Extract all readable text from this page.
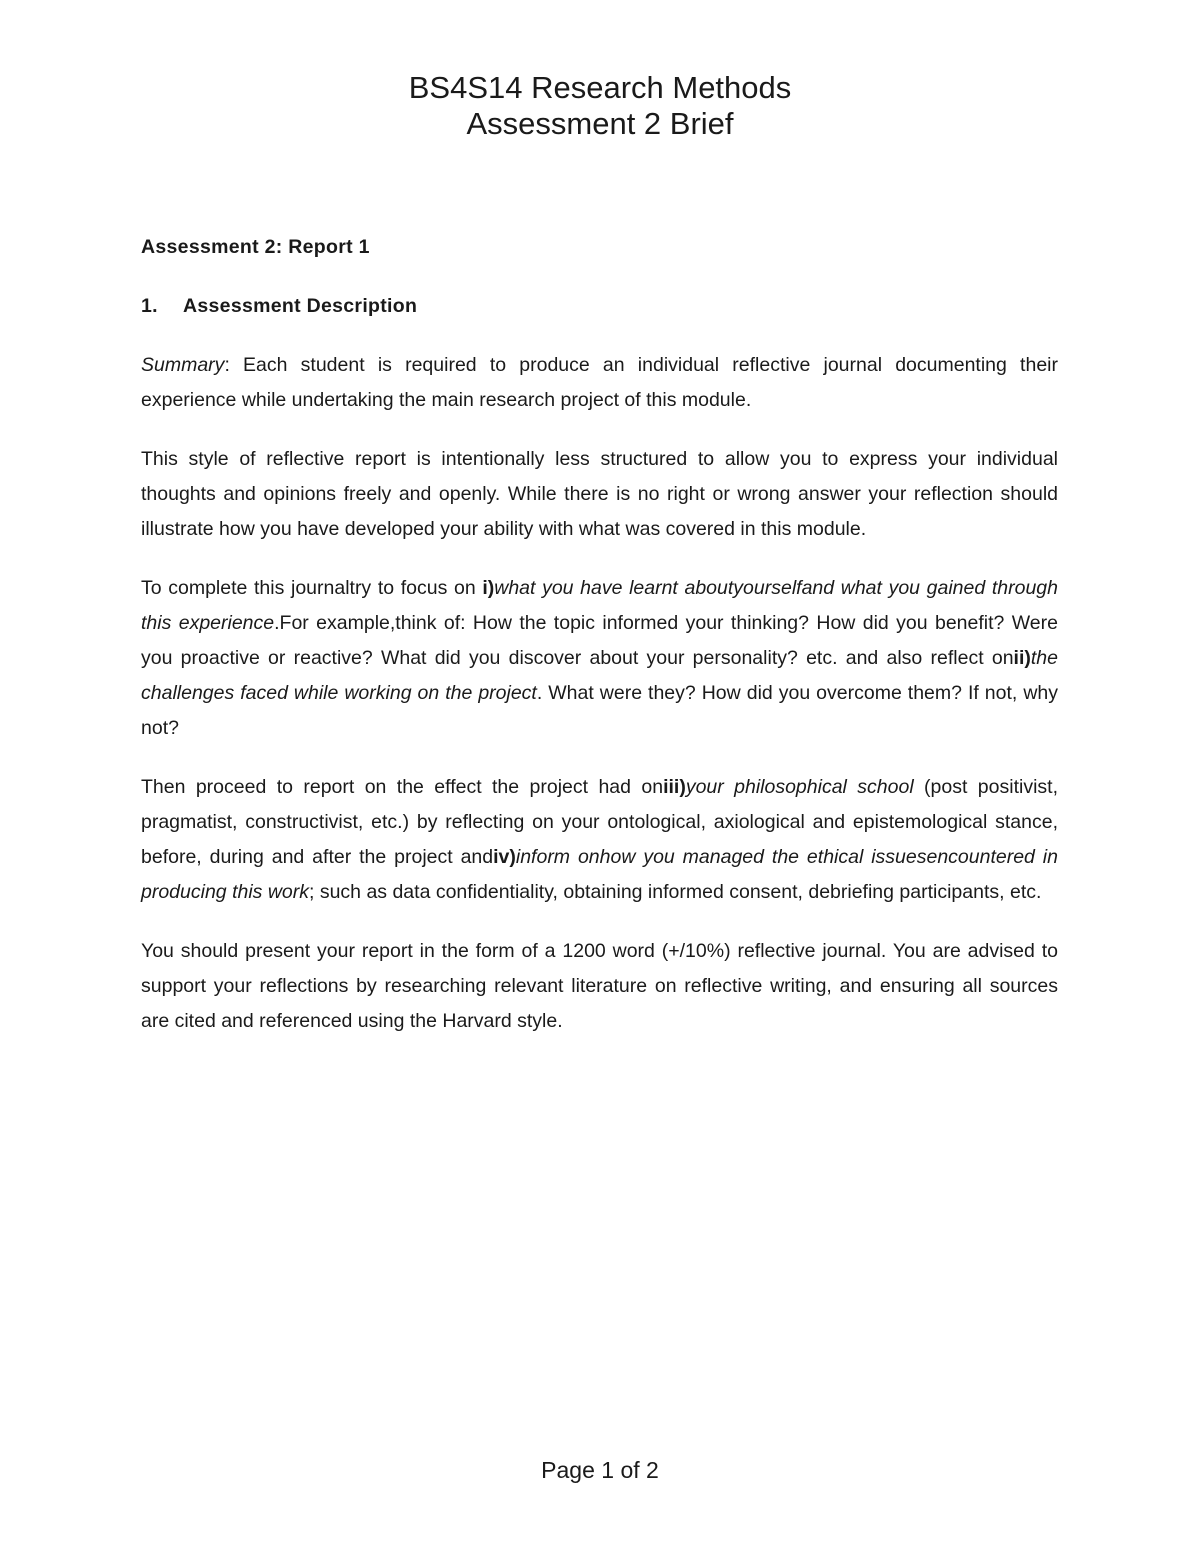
BS4S14 Research Methods
Assessment 2 Brief

Assessment 2: Report 1

1. Assessment Description

Summary: Each student is required to produce an individual reflective journal documenting their experience while undertaking the main research project of this module.

This style of reflective report is intentionally less structured to allow you to express your individual thoughts and opinions freely and openly. While there is no right or wrong answer your reflection should illustrate how you have developed your ability with what was covered in this module.

To complete this journaltry to focus on i)what you have learnt aboutyourselfand what you gained through this experience.For example,think of: How the topic informed your thinking? How did you benefit? Were you proactive or reactive? What did you discover about your personality? etc. and also reflect onii)the challenges faced while working on the project. What were they? How did you overcome them? If not, why not?

Then proceed to report on the effect the project had oniii)your philosophical school (post positivist, pragmatist, constructivist, etc.) by reflecting on your ontological, axiological and epistemological stance, before, during and after the project andiv)inform onhow you managed the ethical issuesencountered in producing this work; such as data confidentiality, obtaining informed consent, debriefing participants, etc.

You should present your report in the form of a 1200 word (+/10%) reflective journal. You are advised to support your reflections by researching relevant literature on reflective writing, and ensuring all sources are cited and referenced using the Harvard style.

Page 1 of 2
